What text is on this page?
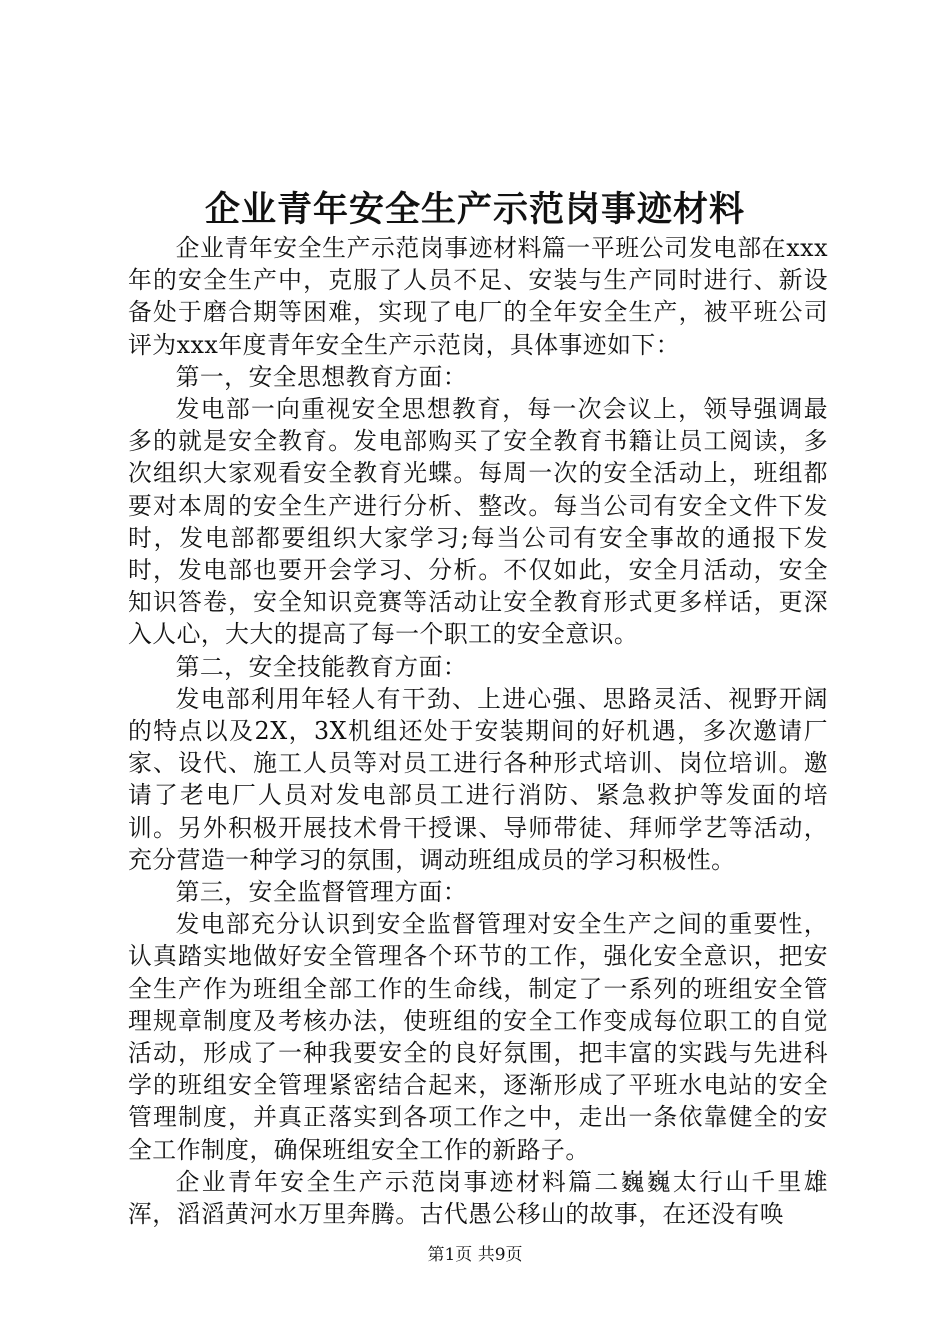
企业青年安全生产示范岗事迹材料

企业青年安全生产示范岗事迹材料篇一平班公司发电部在xxx年的安全生产中，克服了人员不足、安装与生产同时进行、新设备处于磨合期等困难，实现了电厂的全年安全生产，被平班公司评为xxx年度青年安全生产示范岗，具体事迹如下：

第一，安全思想教育方面：

发电部一向重视安全思想教育，每一次会议上，领导强调最多的就是安全教育。发电部购买了安全教育书籍让员工阅读，多次组织大家观看安全教育光蝶。每周一次的安全活动上，班组都要对本周的安全生产进行分析、整改。每当公司有安全文件下发时，发电部都要组织大家学习;每当公司有安全事故的通报下发时，发电部也要开会学习、分析。不仅如此，安全月活动，安全知识答卷，安全知识竞赛等活动让安全教育形式更多样话，更深入人心，大大的提高了每一个职工的安全意识。

第二，安全技能教育方面：

发电部利用年轻人有干劲、上进心强、思路灵活、视野开阔的特点以及2X，3X机组还处于安装期间的好机遇，多次邀请厂家、设代、施工人员等对员工进行各种形式培训、岗位培训。邀请了老电厂人员对发电部员工进行消防、紧急救护等发面的培训。另外积极开展技术骨干授课、导师带徒、拜师学艺等活动，充分营造一种学习的氛围，调动班组成员的学习积极性。

第三，安全监督管理方面：

发电部充分认识到安全监督管理对安全生产之间的重要性，认真踏实地做好安全管理各个环节的工作，强化安全意识，把安全生产作为班组全部工作的生命线，制定了一系列的班组安全管理规章制度及考核办法，使班组的安全工作变成每位职工的自觉活动，形成了一种我要安全的良好氛围，把丰富的实践与先进科学的班组安全管理紧密结合起来，逐渐形成了平班水电站的安全管理制度，并真正落实到各项工作之中，走出一条依靠健全的安全工作制度，确保班组安全工作的新路子。

企业青年安全生产示范岗事迹材料篇二巍巍太行山千里雄浑，滔滔黄河水万里奔腾。古代愚公移山的故事，在还没有唤

第1页 共9页
